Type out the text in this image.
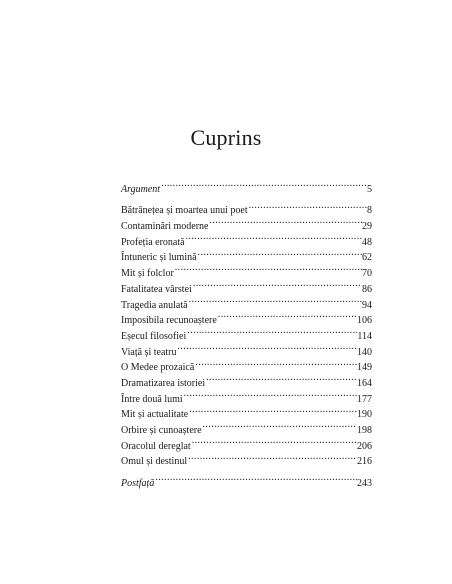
Cuprins
Argument .....	5
Bătrânețea și moartea unui poet .....	8
Contaminări moderne .....	29
Profeția eronată .....	48
Întuneric și lumină .....	62
Mit și folclor .....	70
Fatalitatea vârstei .....	86
Tragedia anulată .....	94
Imposibila recunoaștere .....	106
Eșecul filosofiei .....	114
Viață și teatru .....	140
O Medee prozaică .....	149
Dramatizarea istoriei .....	164
Între două lumi .....	177
Mit și actualitate .....	190
Orbire și cunoaștere .....	198
Oracolul dereglat .....	206
Omul și destinul .....	216
Postfață .....	243
